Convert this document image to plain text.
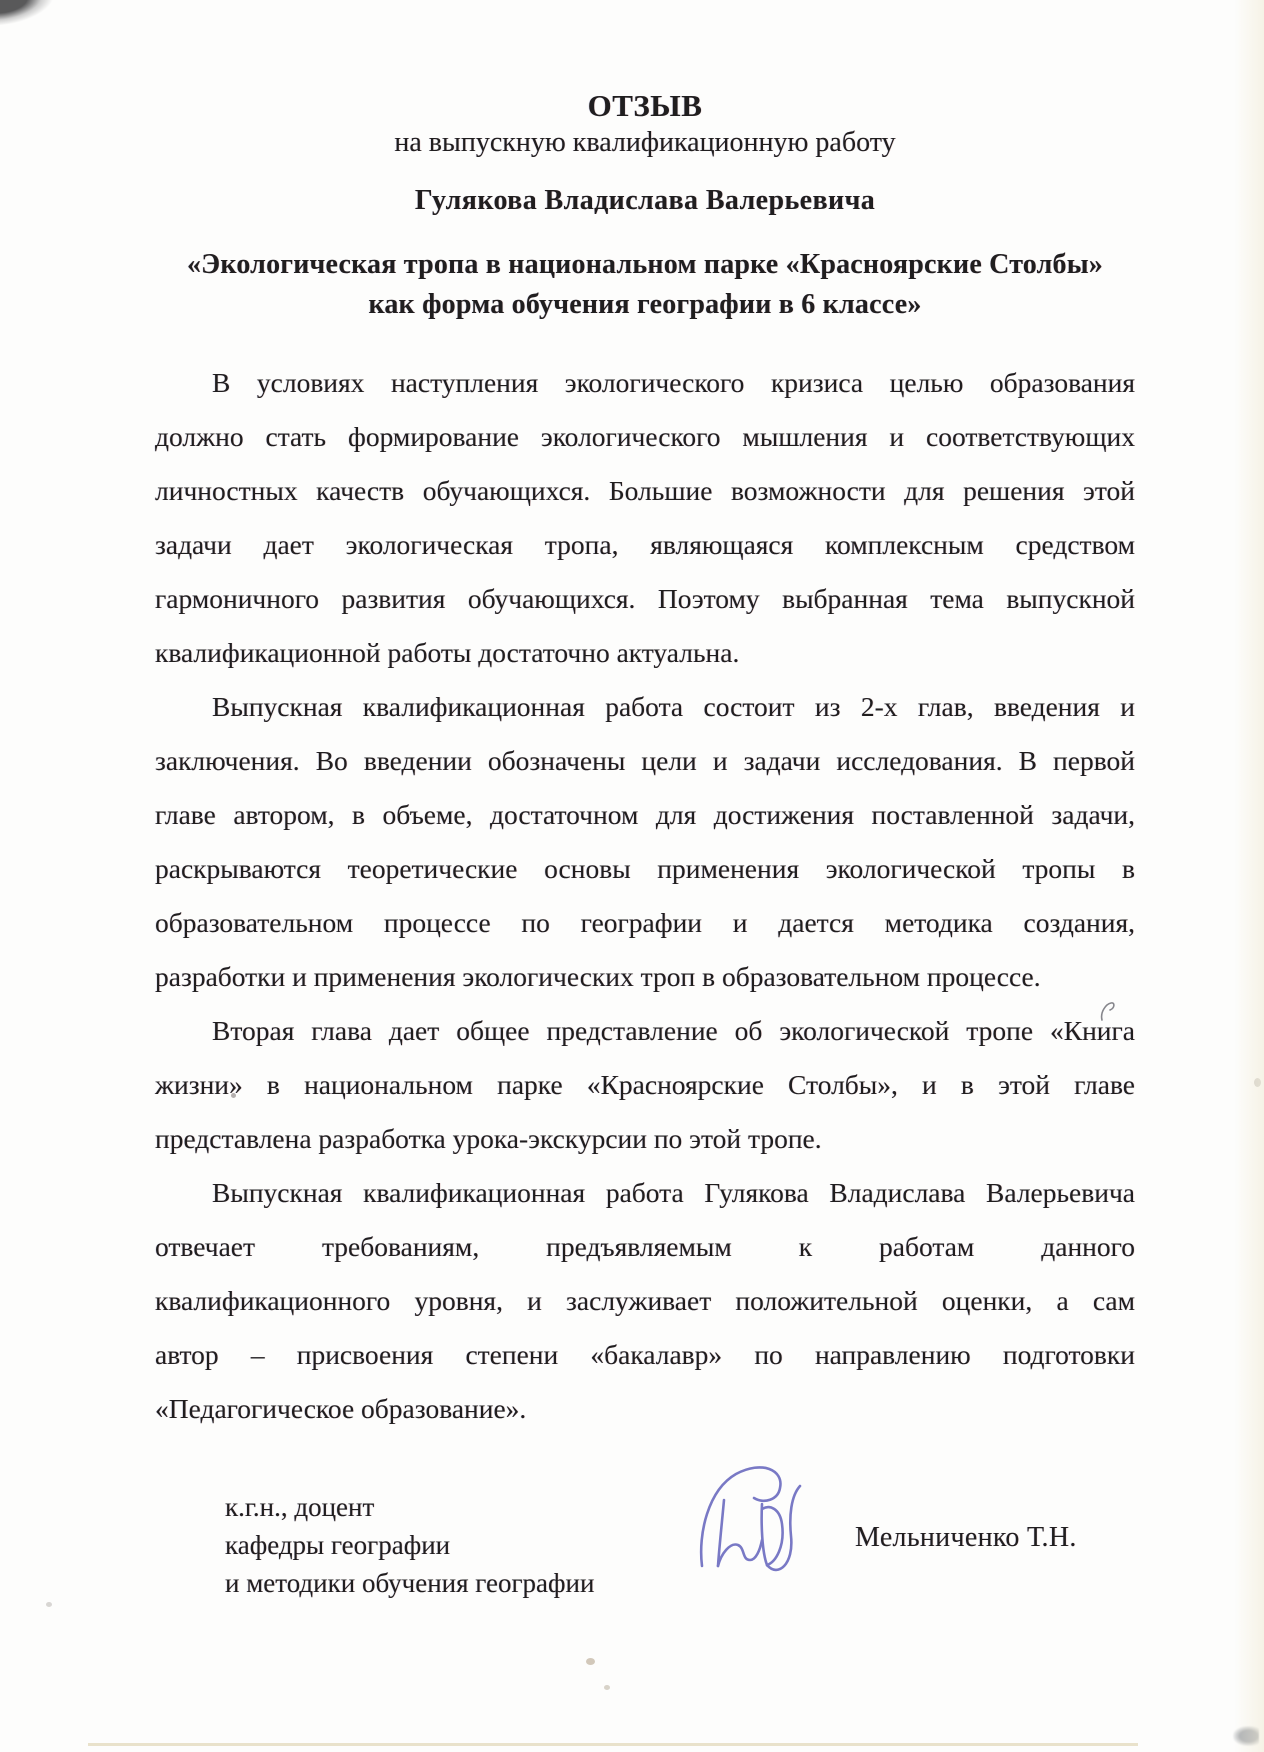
ОТЗЫВ
на выпускную квалификационную работу
Гулякова Владислава Валерьевича
«Экологическая тропа в национальном парке «Красноярские Столбы»
как форма обучения географии в 6 классе»
В условиях наступления экологического кризиса целью образования
должно стать формирование экологического мышления и соответствующих
личностных качеств обучающихся. Большие возможности для решения этой
задачи дает экологическая тропа, являющаяся комплексным средством
гармоничного развития обучающихся. Поэтому выбранная тема выпускной
квалификационной работы достаточно актуальна.
Выпускная квалификационная работа состоит из 2-х глав, введения и
заключения. Во введении обозначены цели и задачи исследования. В первой
главе автором, в объеме, достаточном для достижения поставленной задачи,
раскрываются теоретические основы применения экологической тропы в
образовательном процессе по географии и дается методика создания,
разработки и применения экологических троп в образовательном процессе.
Вторая глава дает общее представление об экологической тропе «Книга
жизни» в национальном парке «Красноярские Столбы», и в этой главе
представлена разработка урока-экскурсии по этой тропе.
Выпускная квалификационная работа Гулякова Владислава Валерьевича
отвечает требованиям, предъявляемым к работам данного
квалификационного уровня, и заслуживает положительной оценки, а сам
автор – присвоения степени «бакалавр» по направлению подготовки
«Педагогическое образование».
к.г.н., доцент
кафедры географии
и методики обучения географии
Мельниченко Т.Н.
